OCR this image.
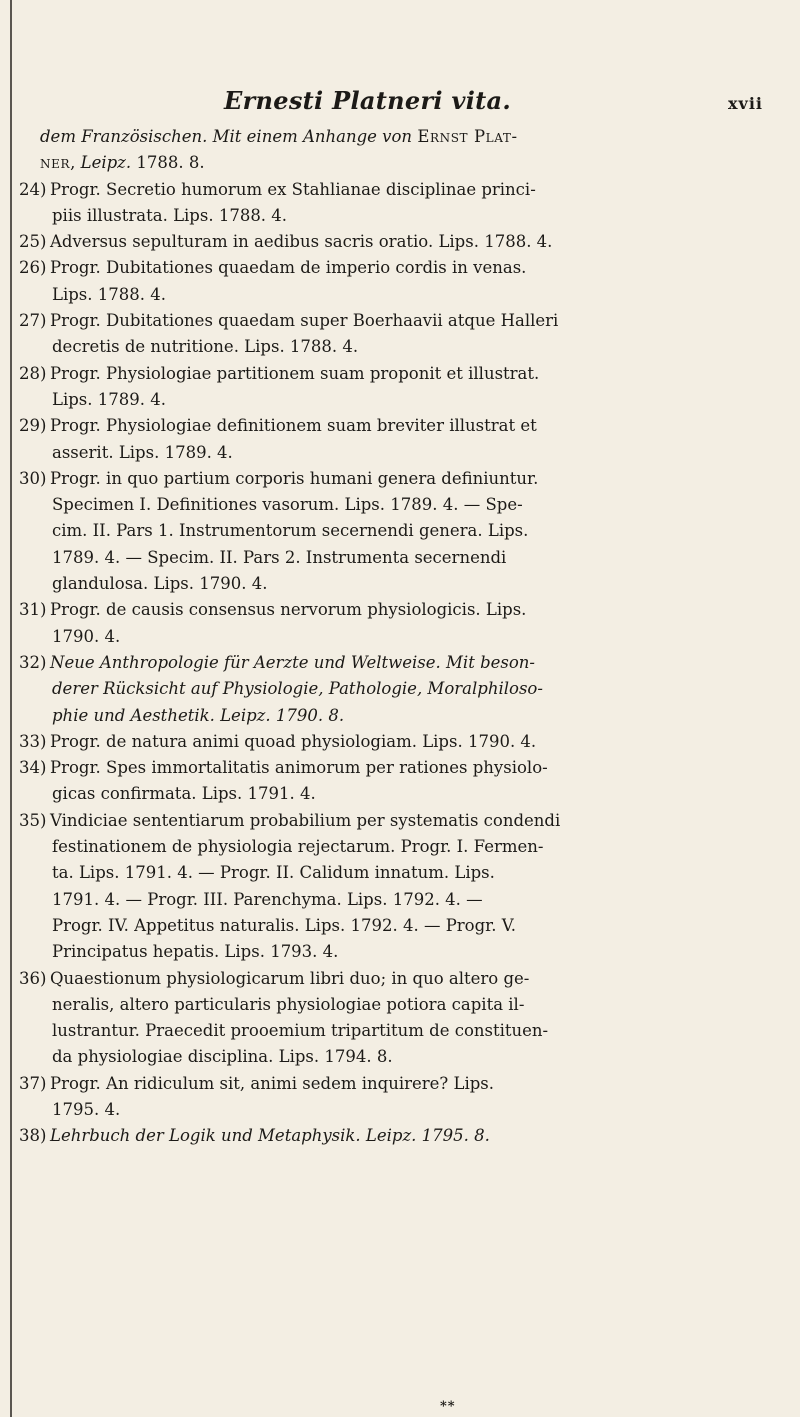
Ernesti Platneri vita.	xvii
dem Französischen. Mit einem Anhange von Ernst Plat-
ner, Leipz. 1788. 8.
24) Progr. Secretio humorum ex Stahlianae disciplinae princi-
piis illustrata. Lips. 1788. 4.
25) Adversus sepulturam in aedibus sacris oratio. Lips. 1788. 4.
26) Progr. Dubitationes quaedam de imperio cordis in venas.
Lips. 1788. 4.
27) Progr. Dubitationes quaedam super Boerhaavii atque Halleri
decretis de nutritione. Lips. 1788. 4.
28) Progr. Physiologiae partitionem suam proponit et illustrat.
Lips. 1789. 4.
29) Progr. Physiologiae definitionem suam breviter illustrat et
asserit. Lips. 1789. 4.
30) Progr. in quo partium corporis humani genera definiuntur.
Specimen I. Definitiones vasorum. Lips. 1789. 4. — Spe-
cim. II. Pars 1. Instrumentorum secernendi genera. Lips.
1789. 4. — Specim. II. Pars 2. Instrumenta secernendi
glandulosa. Lips. 1790. 4.
31) Progr. de causis consensus nervorum physiologicis. Lips.
1790. 4.
32) Neue Anthropologie für Aerzte und Weltweise. Mit beson-
derer Rücksicht auf Physiologie, Pathologie, Moralphiloso-
phie und Aesthetik. Leipz. 1790. 8.
33) Progr. de natura animi quoad physiologiam. Lips. 1790. 4.
34) Progr. Spes immortalitatis animorum per rationes physiolo-
gicas confirmata. Lips. 1791. 4.
35) Vindiciae sententiarum probabilium per systematis condendi
festinationem de physiologia rejectarum. Progr. I. Fermen-
ta. Lips. 1791. 4. — Progr. II. Calidum innatum. Lips.
1791. 4. — Progr. III. Parenchyma. Lips. 1792. 4. —
Progr. IV. Appetitus naturalis. Lips. 1792. 4. — Progr. V.
Principatus hepatis. Lips. 1793. 4.
36) Quaestionum physiologicarum libri duo; in quo altero ge-
neralis, altero particularis physiologiae potiora capita il-
lustrantur. Praecedit prooemium tripartitum de constituen-
da physiologiae disciplina. Lips. 1794. 8.
37) Progr. An ridiculum sit, animi sedem inquirere? Lips.
1795. 4.
38) Lehrbuch der Logik und Metaphysik. Leipz. 1795. 8.
**
